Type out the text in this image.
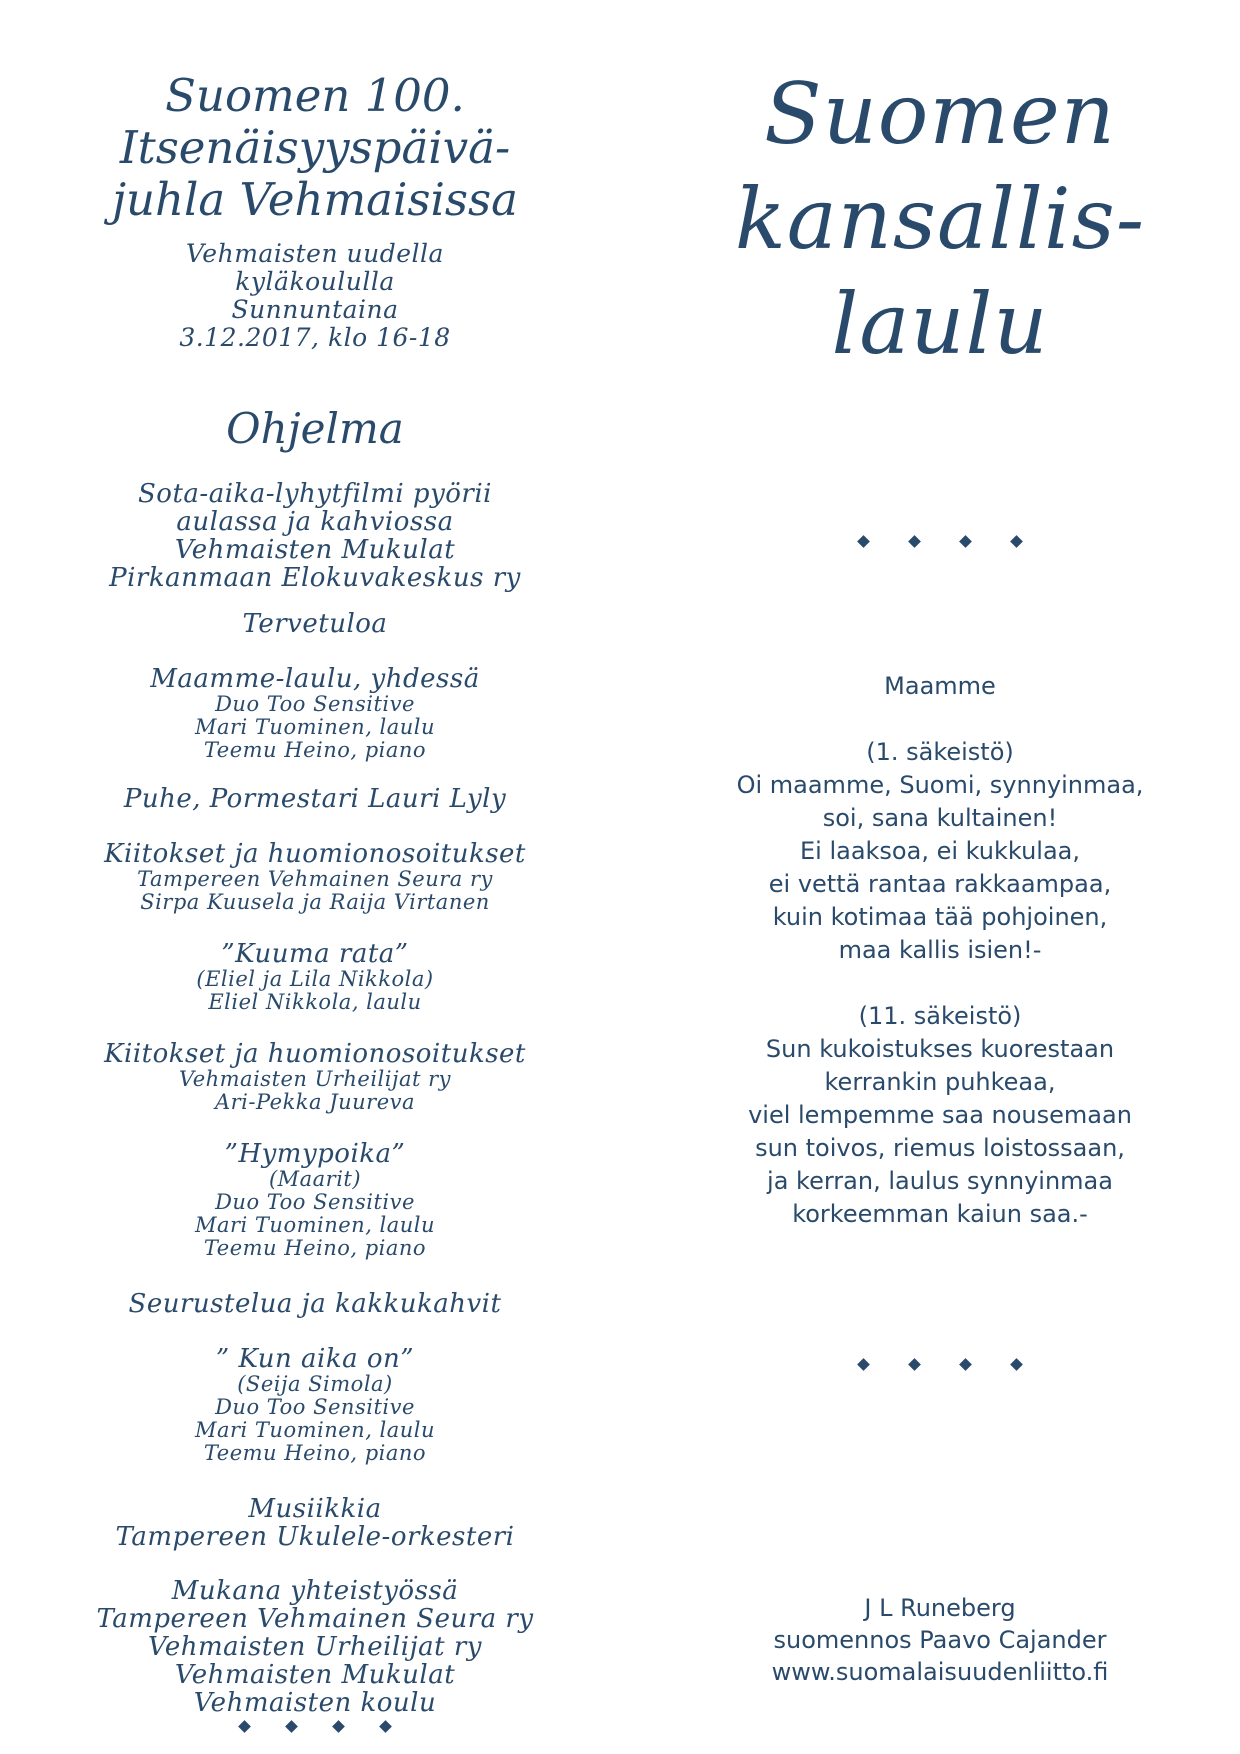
Suomen 100.
Itsenäisyyspäivä-
juhla Vehmaisissa
Vehmaisten uudella
kyläkoululla
Sunnuntaina
3.12.2017, klo 16-18
Ohjelma
Sota-aika-lyhytfilmi pyörii
aulassa ja kahviossa
Vehmaisten Mukulat
Pirkanmaan Elokuvakeskus ry
Tervetuloa
Maamme-laulu, yhdessä
Duo Too Sensitive
Mari Tuominen, laulu
Teemu Heino, piano
Puhe, Pormestari Lauri Lyly
Kiitokset ja huomionosoitukset
Tampereen Vehmainen Seura ry
Sirpa Kuusela ja Raija Virtanen
”Kuuma rata”
(Eliel ja Lila Nikkola)
Eliel Nikkola, laulu
Kiitokset ja huomionosoitukset
Vehmaisten Urheilijat ry
Ari-Pekka Juureva
”Hymypoika”
(Maarit)
Duo Too Sensitive
Mari Tuominen, laulu
Teemu Heino, piano
Seurustelua ja kakkukahvit
” Kun aika on”
(Seija Simola)
Duo Too Sensitive
Mari Tuominen, laulu
Teemu Heino, piano
Musiikkia
Tampereen Ukulele-orkesteri
Mukana yhteistyössä
Tampereen Vehmainen Seura ry
Vehmaisten Urheilijat ry
Vehmaisten Mukulat
Vehmaisten koulu
Suomen
kansallis-
laulu
Maamme
(1. säkeistö)
Oi maamme, Suomi, synnyinmaa,
soi, sana kultainen!
Ei laaksoa, ei kukkulaa,
ei vettä rantaa rakkaampaa,
kuin kotimaa tää pohjoinen,
maa kallis isien!-
(11. säkeistö)
Sun kukoistukses kuorestaan
kerrankin puhkeaa,
viel lempemme saa nousemaan
sun toivos, riemus loistossaan,
ja kerran, laulus synnyinmaa
korkeemman kaiun saa.-
J L Runeberg
suomennos Paavo Cajander
www.suomalaisuudenliitto.fi
